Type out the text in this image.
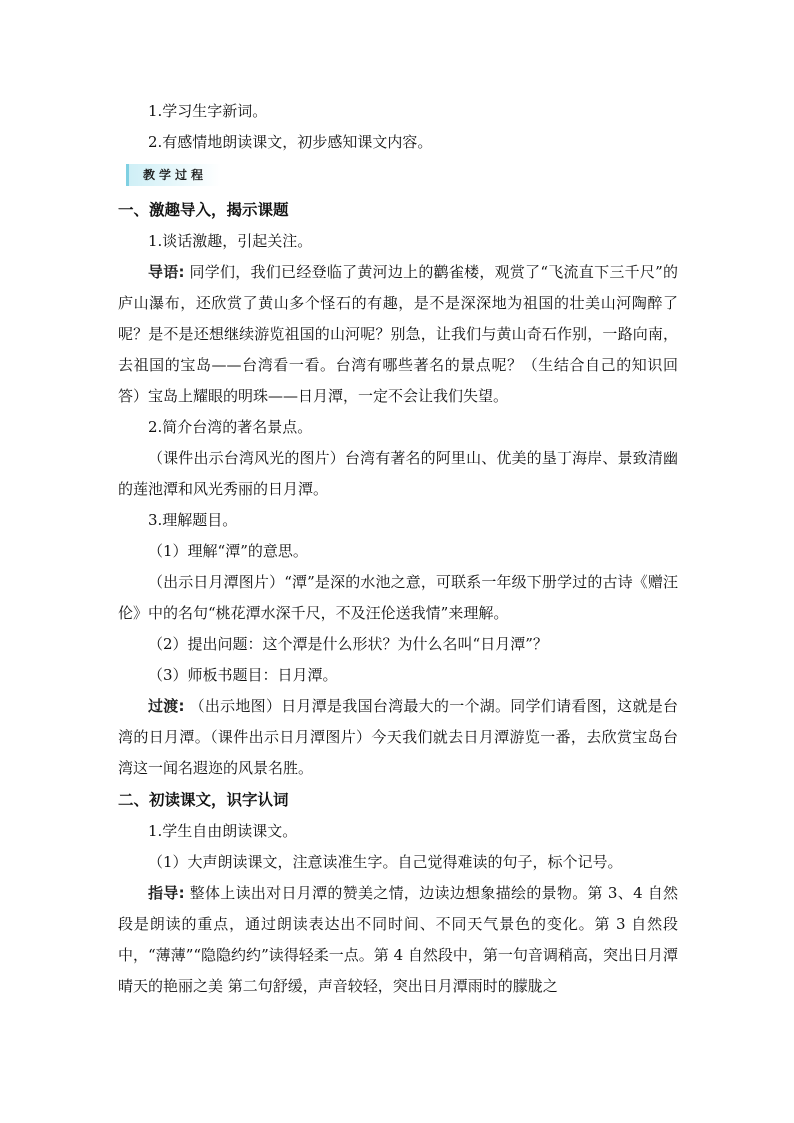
1.学习生字新词。

2.有感情地朗读课文，初步感知课文内容。

教学过程

一、激趣导入，揭示课题

1.谈话激趣，引起关注。

导语: 同学们，我们已经登临了黄河边上的鹳雀楼，观赏了“飞流直下三千尺”的庐山瀑布，还欣赏了黄山多个怪石的有趣，是不是深深地为祖国的壮美山河陶醉了呢？是不是还想继续游览祖国的山河呢？别急，让我们与黄山奇石作别，一路向南，去祖国的宝岛——台湾看一看。台湾有哪些著名的景点呢？（生结合自己的知识回答）宝岛上耀眼的明珠——日月潭，一定不会让我们失望。

2.简介台湾的著名景点。

（课件出示台湾风光的图片）台湾有著名的阿里山、优美的垦丁海岸、景致清幽的莲池潭和风光秀丽的日月潭。

3.理解题目。

（1）理解“潭”的意思。

（出示日月潭图片）“潭”是深的水池之意，可联系一年级下册学过的古诗《赠汪伦》中的名句“桃花潭水深千尺，不及汪伦送我情”来理解。

（2）提出问题：这个潭是什么形状？为什么名叫“日月潭”？

（3）师板书题目：日月潭。

过渡: （出示地图）日月潭是我国台湾最大的一个湖。同学们请看图，这就是台湾的日月潭。（课件出示日月潭图片）今天我们就去日月潭游览一番，去欣赏宝岛台湾这一闻名遐迩的风景名胜。

二、初读课文，识字认词

1.学生自由朗读课文。

（1）大声朗读课文，注意读准生字。自己觉得难读的句子，标个记号。

指导: 整体上读出对日月潭的赞美之情，边读边想象描绘的景物。第 3、4 自然段是朗读的重点，通过朗读表达出不同时间、不同天气景色的变化。第 3 自然段中，“薄薄”“隐隐约约”读得轻柔一点。第 4 自然段中，第一句音调稍高，突出日月潭晴天的艳丽之美 第二句舒缓，声音较轻，突出日月潭雨时的朦胧之
